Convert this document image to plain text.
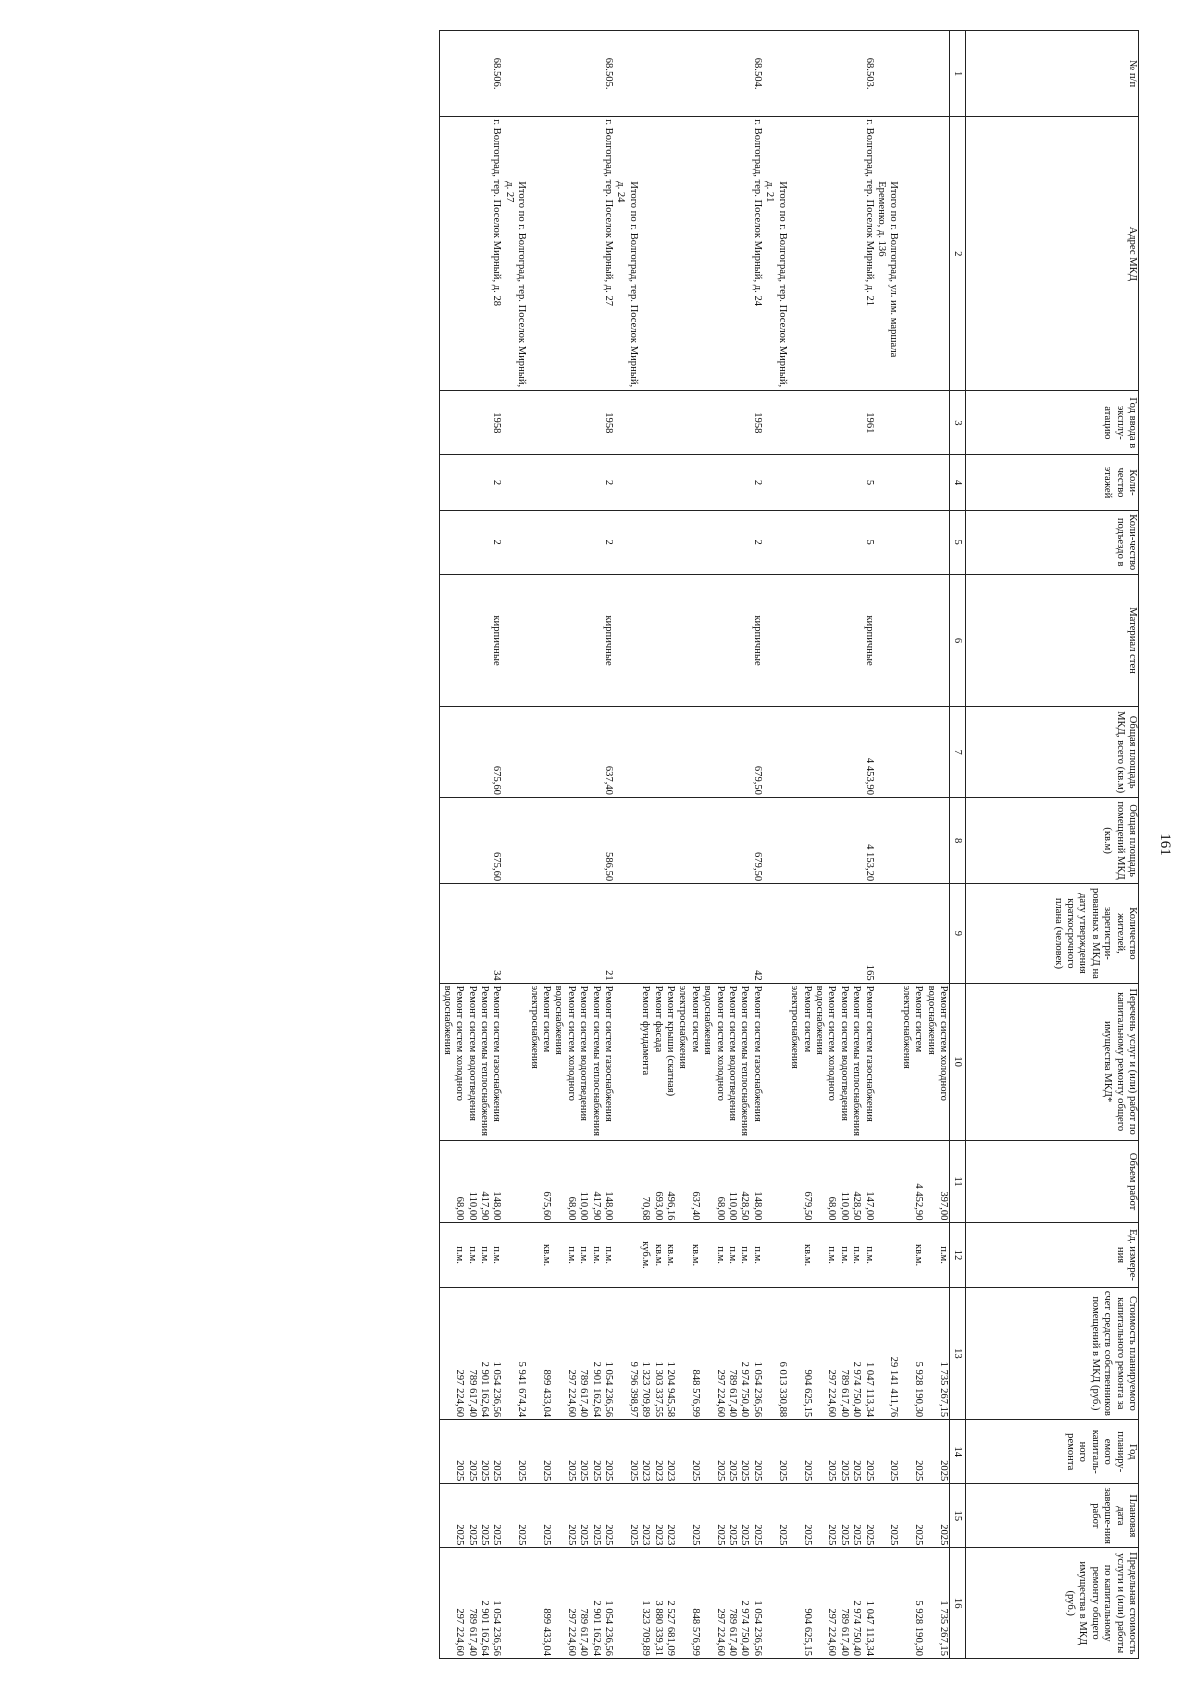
161
№ п/п	Адрес МКД	Год ввода в эксплу-атацию	Коли-чество этажей	Коли-чество подъездо в	Материал стен	Общая площадь МКД, всего (кв.м)	Общая площадь помещений МКД (кв.м)	Количество жителей, зарегистри-рованных в МКД на дату утверждения краткосрочного плана (человек)	Перечень услуг и (или) работ по капитальному ремонту общего имущества МКД*	Объем работ	Ед. измере-ния	Стоимость планируемого капитального ремонта за счет средств собственников помещений в МКД (руб.)	Год планиру-емого капиталь-ного ремонта	Плановая дата заверше-ния работ	Предельная стоимость услуги и (или) работы по капитальному ремонту общего имущества в МКД (руб.)
1	2	3	4	5	6	7	8	9	10	11	12	13	14	15	16
									Ремонт систем холодного водоснабжения	397,00	п.м.	1 735 267,15	2025	2025	1 735 267,15
									Ремонт систем электроснабжения	4 452,90	кв.м.	5 928 190,30	2025	2025	5 928 190,30

	Итого по г. Волгоград, ул. им. маршала Еременко, д. 136											29 141 411,76	2025	2025	
68.503.	г. Волгоград, тер. Поселок Мирный, д. 21	1961	5	5	кирпичные	4 453,90	4 153,20	165	Ремонт систем газоснабжения	147,00	п.м.	1 047 113,34	2025	2025	1 047 113,34
									Ремонт системы теплоснабжения	428,50	п.м.	2 974 750,40	2025	2025	2 974 750,40
									Ремонт систем водоотведения	110,00	п.м.	789 617,40	2025	2025	789 617,40
									Ремонт систем холодного водоснабжения	68,00	п.м.	297 224,60	2025	2025	297 224,60
									Ремонт систем электроснабжения	679,50	кв.м.	904 625,15	2025	2025	904 625,15

	Итого по г. Волгоград, тер. Поселок Мирный, д. 21											6 013 330,88	2025	2025	
68.504.	г. Волгоград, тер. Поселок Мирный, д. 24	1958	2	2	кирпичные	679,50	679,50	42	Ремонт систем газоснабжения	148,00	п.м.	1 054 236,56	2025	2025	1 054 236,56
									Ремонт системы теплоснабжения	428,50	п.м.	2 974 750,40	2025	2025	2 974 750,40
									Ремонт систем водоотведения	110,00	п.м.	789 617,40	2025	2025	789 617,40
									Ремонт систем холодного водоснабжения	68,00	п.м.	297 224,60	2025	2025	297 224,60
									Ремонт систем электроснабжения	637,40	кв.м.	848 576,99	2025	2025	848 576,99
									Ремонт крыши (скатная)	496,16	кв.м.	1 204 945,58	2023	2023	2 527 681,09
									Ремонт фасада	693,00	кв.м.	1 303 337,55	2023	2023	3 880 339,31
									Ремонт фундамента	70,68	куб.м.	1 323 709,89	2023	2023	1 323 709,89

	Итого по г. Волгоград, тер. Поселок Мирный, д. 24											9 796 398,97	2025	2025	
68.505.	г. Волгоград, тер. Поселок Мирный, д. 27	1958	2	2	кирпичные	637,40	586,50	21	Ремонт систем газоснабжения	148,00	п.м.	1 054 236,56	2025	2025	1 054 236,56
									Ремонт системы теплоснабжения	417,90	п.м.	2 901 162,64	2025	2025	2 901 162,64
									Ремонт систем водоотведения	110,00	п.м.	789 617,40	2025	2025	789 617,40
									Ремонт систем холодного водоснабжения	68,00	п.м.	297 224,60	2025	2025	297 224,60
									Ремонт систем электроснабжения	675,60	кв.м.	899 433,04	2025	2025	899 433,04

	Итого по г. Волгоград, тер. Поселок Мирный, д. 27											5 941 674,24	2025	2025	
68.506.	г. Волгоград, тер. Поселок Мирный, д. 28	1958	2	2	кирпичные	675,60	675,60	34	Ремонт систем газоснабжения	148,00	п.м.	1 054 236,56	2025	2025	1 054 236,56
									Ремонт системы теплоснабжения	417,90	п.м.	2 901 162,64	2025	2025	2 901 162,64
									Ремонт систем водоотведения	110,00	п.м.	789 617,40	2025	2025	789 617,40
									Ремонт систем холодного водоснабжения	68,00	п.м.	297 224,60	2025	2025	297 224,60
